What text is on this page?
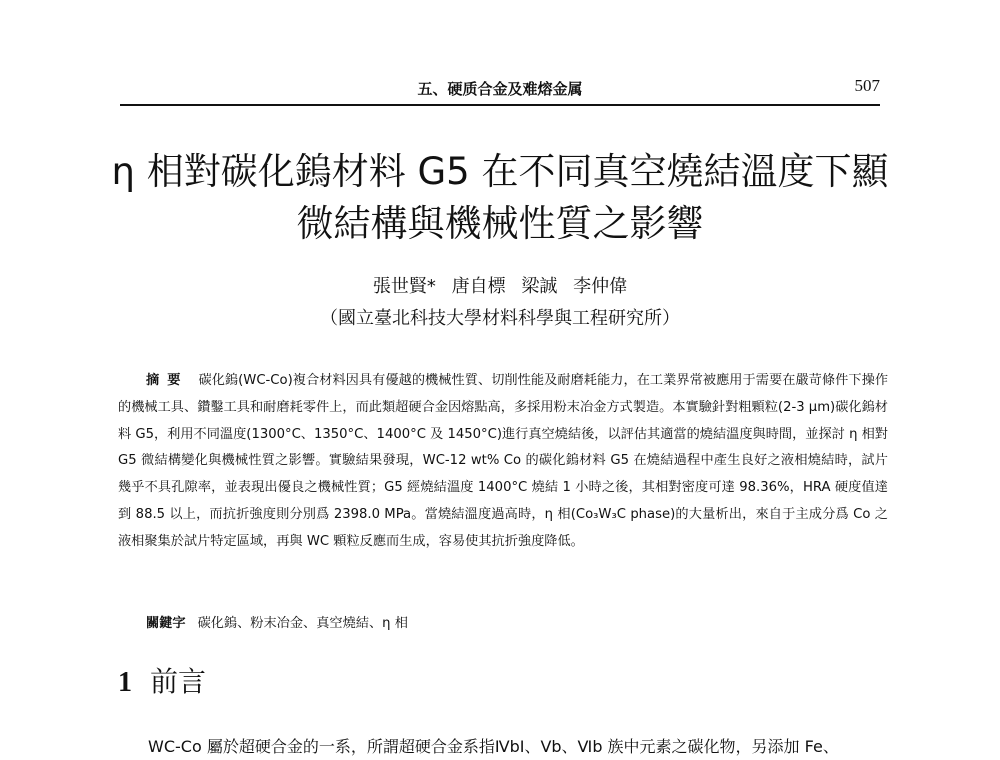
五、硬质合金及难熔金属	507
η 相對碳化鎢材料 G5 在不同真空燒結溫度下顯
微結構與機械性質之影響
張世賢* 唐自標 梁誠 李仲偉
（國立臺北科技大學材料科學與工程研究所）
摘要 碳化鎢(WC-Co)複合材料因具有優越的機械性質、切削性能及耐磨耗能力，在工業界常被應用于需要在嚴苛條件下操作的機械工具、鑽鑿工具和耐磨耗零件上，而此類超硬合金因熔點高，多採用粉末冶金方式製造。本實驗針對粗顆粒(2-3 μm)碳化鎢材料 G5，利用不同溫度(1300°C、1350°C、1400°C 及 1450°C)進行真空燒結後，以評估其適當的燒結溫度與時間，並探討 η 相對 G5 微結構變化與機械性質之影響。實驗結果發現，WC-12 wt% Co 的碳化鎢材料 G5 在燒結過程中產生良好之液相燒結時，試片幾乎不具孔隙率，並表現出優良之機械性質；G5 經燒結溫度 1400°C 燒結 1 小時之後，其相對密度可達 98.36%，HRA 硬度值達到 88.5 以上，而抗折強度則分別爲 2398.0 MPa。當燒結溫度過高時，η 相(Co₃W₃C phase)的大量析出，來自于主成分爲 Co 之液相聚集於試片特定區域，再與 WC 顆粒反應而生成，容易使其抗折強度降低。
關鍵字 碳化鎢、粉末冶金、真空燒結、η 相
1 前言
WC-Co 屬於超硬合金的一系，所謂超硬合金系指ⅣbⅠ、Ⅴb、Ⅵb 族中元素之碳化物，另添加 Fe、
